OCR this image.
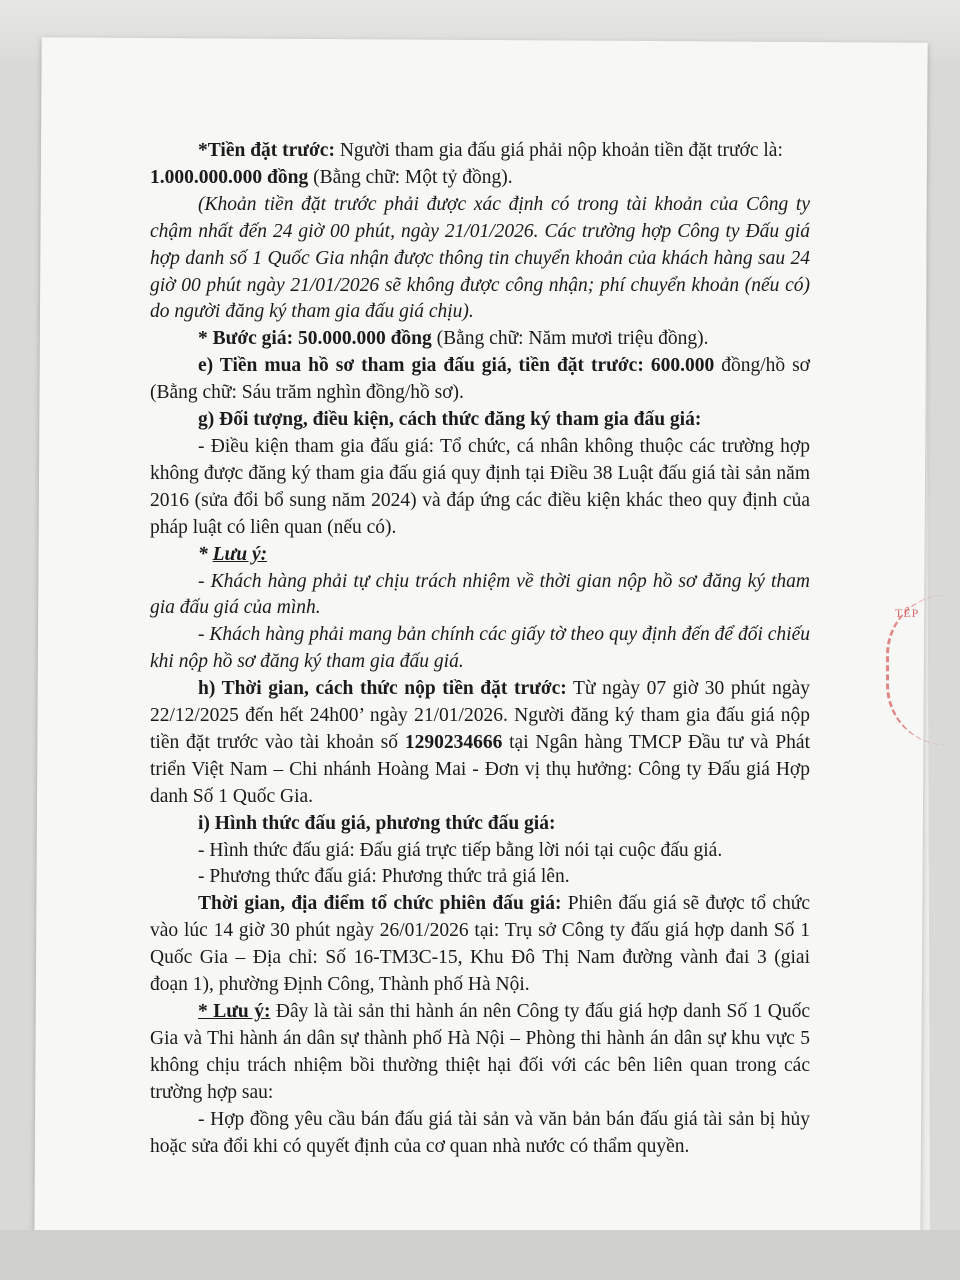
TẾP

*Tiền đặt trước: Người tham gia đấu giá phải nộp khoản tiền đặt trước là:

1.000.000.000 đồng (Bằng chữ: Một tỷ đồng).

(Khoản tiền đặt trước phải được xác định có trong tài khoản của Công ty chậm nhất đến 24 giờ 00 phút, ngày 21/01/2026. Các trường hợp Công ty Đấu giá hợp danh số 1 Quốc Gia nhận được thông tin chuyển khoản của khách hàng sau 24 giờ 00 phút ngày 21/01/2026 sẽ không được công nhận; phí chuyển khoản (nếu có) do người đăng ký tham gia đấu giá chịu).

* Bước giá: 50.000.000 đồng (Bằng chữ: Năm mươi triệu đồng).

e) Tiền mua hồ sơ tham gia đấu giá, tiền đặt trước: 600.000 đồng/hồ sơ (Bằng chữ: Sáu trăm nghìn đồng/hồ sơ).

g) Đối tượng, điều kiện, cách thức đăng ký tham gia đấu giá:

- Điều kiện tham gia đấu giá: Tổ chức, cá nhân không thuộc các trường hợp không được đăng ký tham gia đấu giá quy định tại Điều 38 Luật đấu giá tài sản năm 2016 (sửa đổi bổ sung năm 2024) và đáp ứng các điều kiện khác theo quy định của pháp luật có liên quan (nếu có).

* Lưu ý:

- Khách hàng phải tự chịu trách nhiệm về thời gian nộp hồ sơ đăng ký tham gia đấu giá của mình.

- Khách hàng phải mang bản chính các giấy tờ theo quy định đến để đối chiếu khi nộp hồ sơ đăng ký tham gia đấu giá.

h) Thời gian, cách thức nộp tiền đặt trước: Từ ngày 07 giờ 30 phút ngày 22/12/2025 đến hết 24h00’ ngày 21/01/2026. Người đăng ký tham gia đấu giá nộp tiền đặt trước vào tài khoản số 1290234666 tại Ngân hàng TMCP Đầu tư và Phát triển Việt Nam – Chi nhánh Hoàng Mai - Đơn vị thụ hưởng: Công ty Đấu giá Hợp danh Số 1 Quốc Gia.

i) Hình thức đấu giá, phương thức đấu giá:

- Hình thức đấu giá: Đấu giá trực tiếp bằng lời nói tại cuộc đấu giá.

- Phương thức đấu giá: Phương thức trả giá lên.

Thời gian, địa điểm tổ chức phiên đấu giá: Phiên đấu giá sẽ được tổ chức vào lúc 14 giờ 30 phút ngày 26/01/2026 tại: Trụ sở Công ty đấu giá hợp danh Số 1 Quốc Gia – Địa chỉ: Số 16-TM3C-15, Khu Đô Thị Nam đường vành đai 3 (giai đoạn 1), phường Định Công, Thành phố Hà Nội.

* Lưu ý: Đây là tài sản thi hành án nên Công ty đấu giá hợp danh Số 1 Quốc Gia và Thi hành án dân sự thành phố Hà Nội – Phòng thi hành án dân sự khu vực 5 không chịu trách nhiệm bồi thường thiệt hại đối với các bên liên quan trong các trường hợp sau:

- Hợp đồng yêu cầu bán đấu giá tài sản và văn bản bán đấu giá tài sản bị hủy hoặc sửa đổi khi có quyết định của cơ quan nhà nước có thẩm quyền.
